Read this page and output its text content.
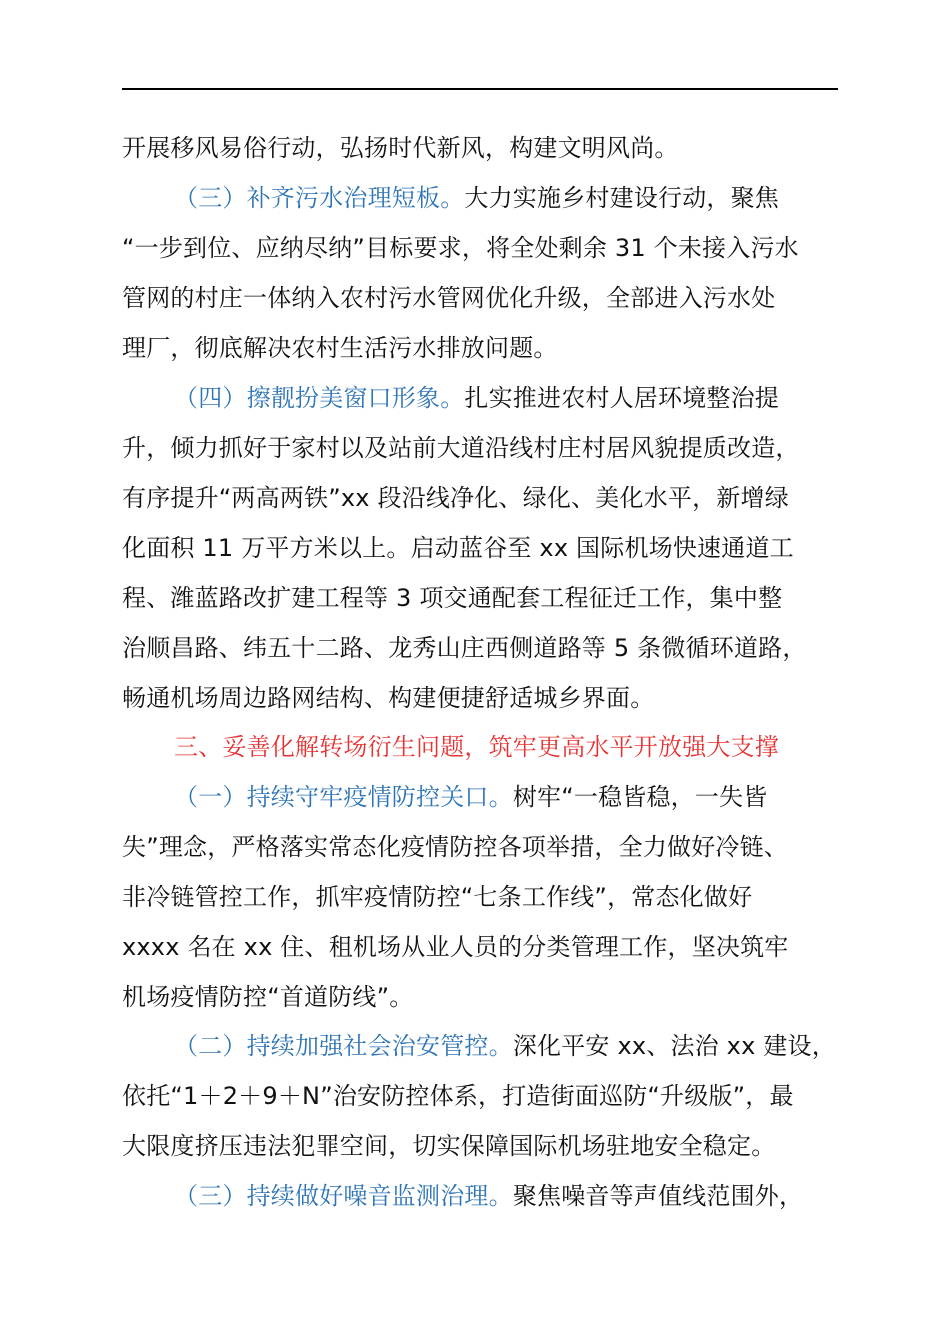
开展移风易俗行动，弘扬时代新风，构建文明风尚。
（三）补齐污水治理短板。大力实施乡村建设行动，聚焦
“一步到位、应纳尽纳”目标要求，将全处剩余 31 个未接入污水
管网的村庄一体纳入农村污水管网优化升级，全部进入污水处
理厂，彻底解决农村生活污水排放问题。
（四）擦靓扮美窗口形象。扎实推进农村人居环境整治提
升，倾力抓好于家村以及站前大道沿线村庄村居风貌提质改造，
有序提升“两高两铁”xx 段沿线净化、绿化、美化水平，新增绿
化面积 11 万平方米以上。启动蓝谷至 xx 国际机场快速通道工
程、潍蓝路改扩建工程等 3 项交通配套工程征迁工作，集中整
治顺昌路、纬五十二路、龙秀山庄西侧道路等 5 条微循环道路，
畅通机场周边路网结构、构建便捷舒适城乡界面。
三、妥善化解转场衍生问题，筑牢更高水平开放强大支撑
（一）持续守牢疫情防控关口。树牢“一稳皆稳，一失皆
失”理念，严格落实常态化疫情防控各项举措，全力做好冷链、
非冷链管控工作，抓牢疫情防控“七条工作线”，常态化做好
xxxx 名在 xx 住、租机场从业人员的分类管理工作，坚决筑牢
机场疫情防控“首道防线”。
（二）持续加强社会治安管控。深化平安 xx、法治 xx 建设，
依托“1＋2＋9＋N”治安防控体系，打造街面巡防“升级版”，最
大限度挤压违法犯罪空间，切实保障国际机场驻地安全稳定。
（三）持续做好噪音监测治理。聚焦噪音等声值线范围外，
